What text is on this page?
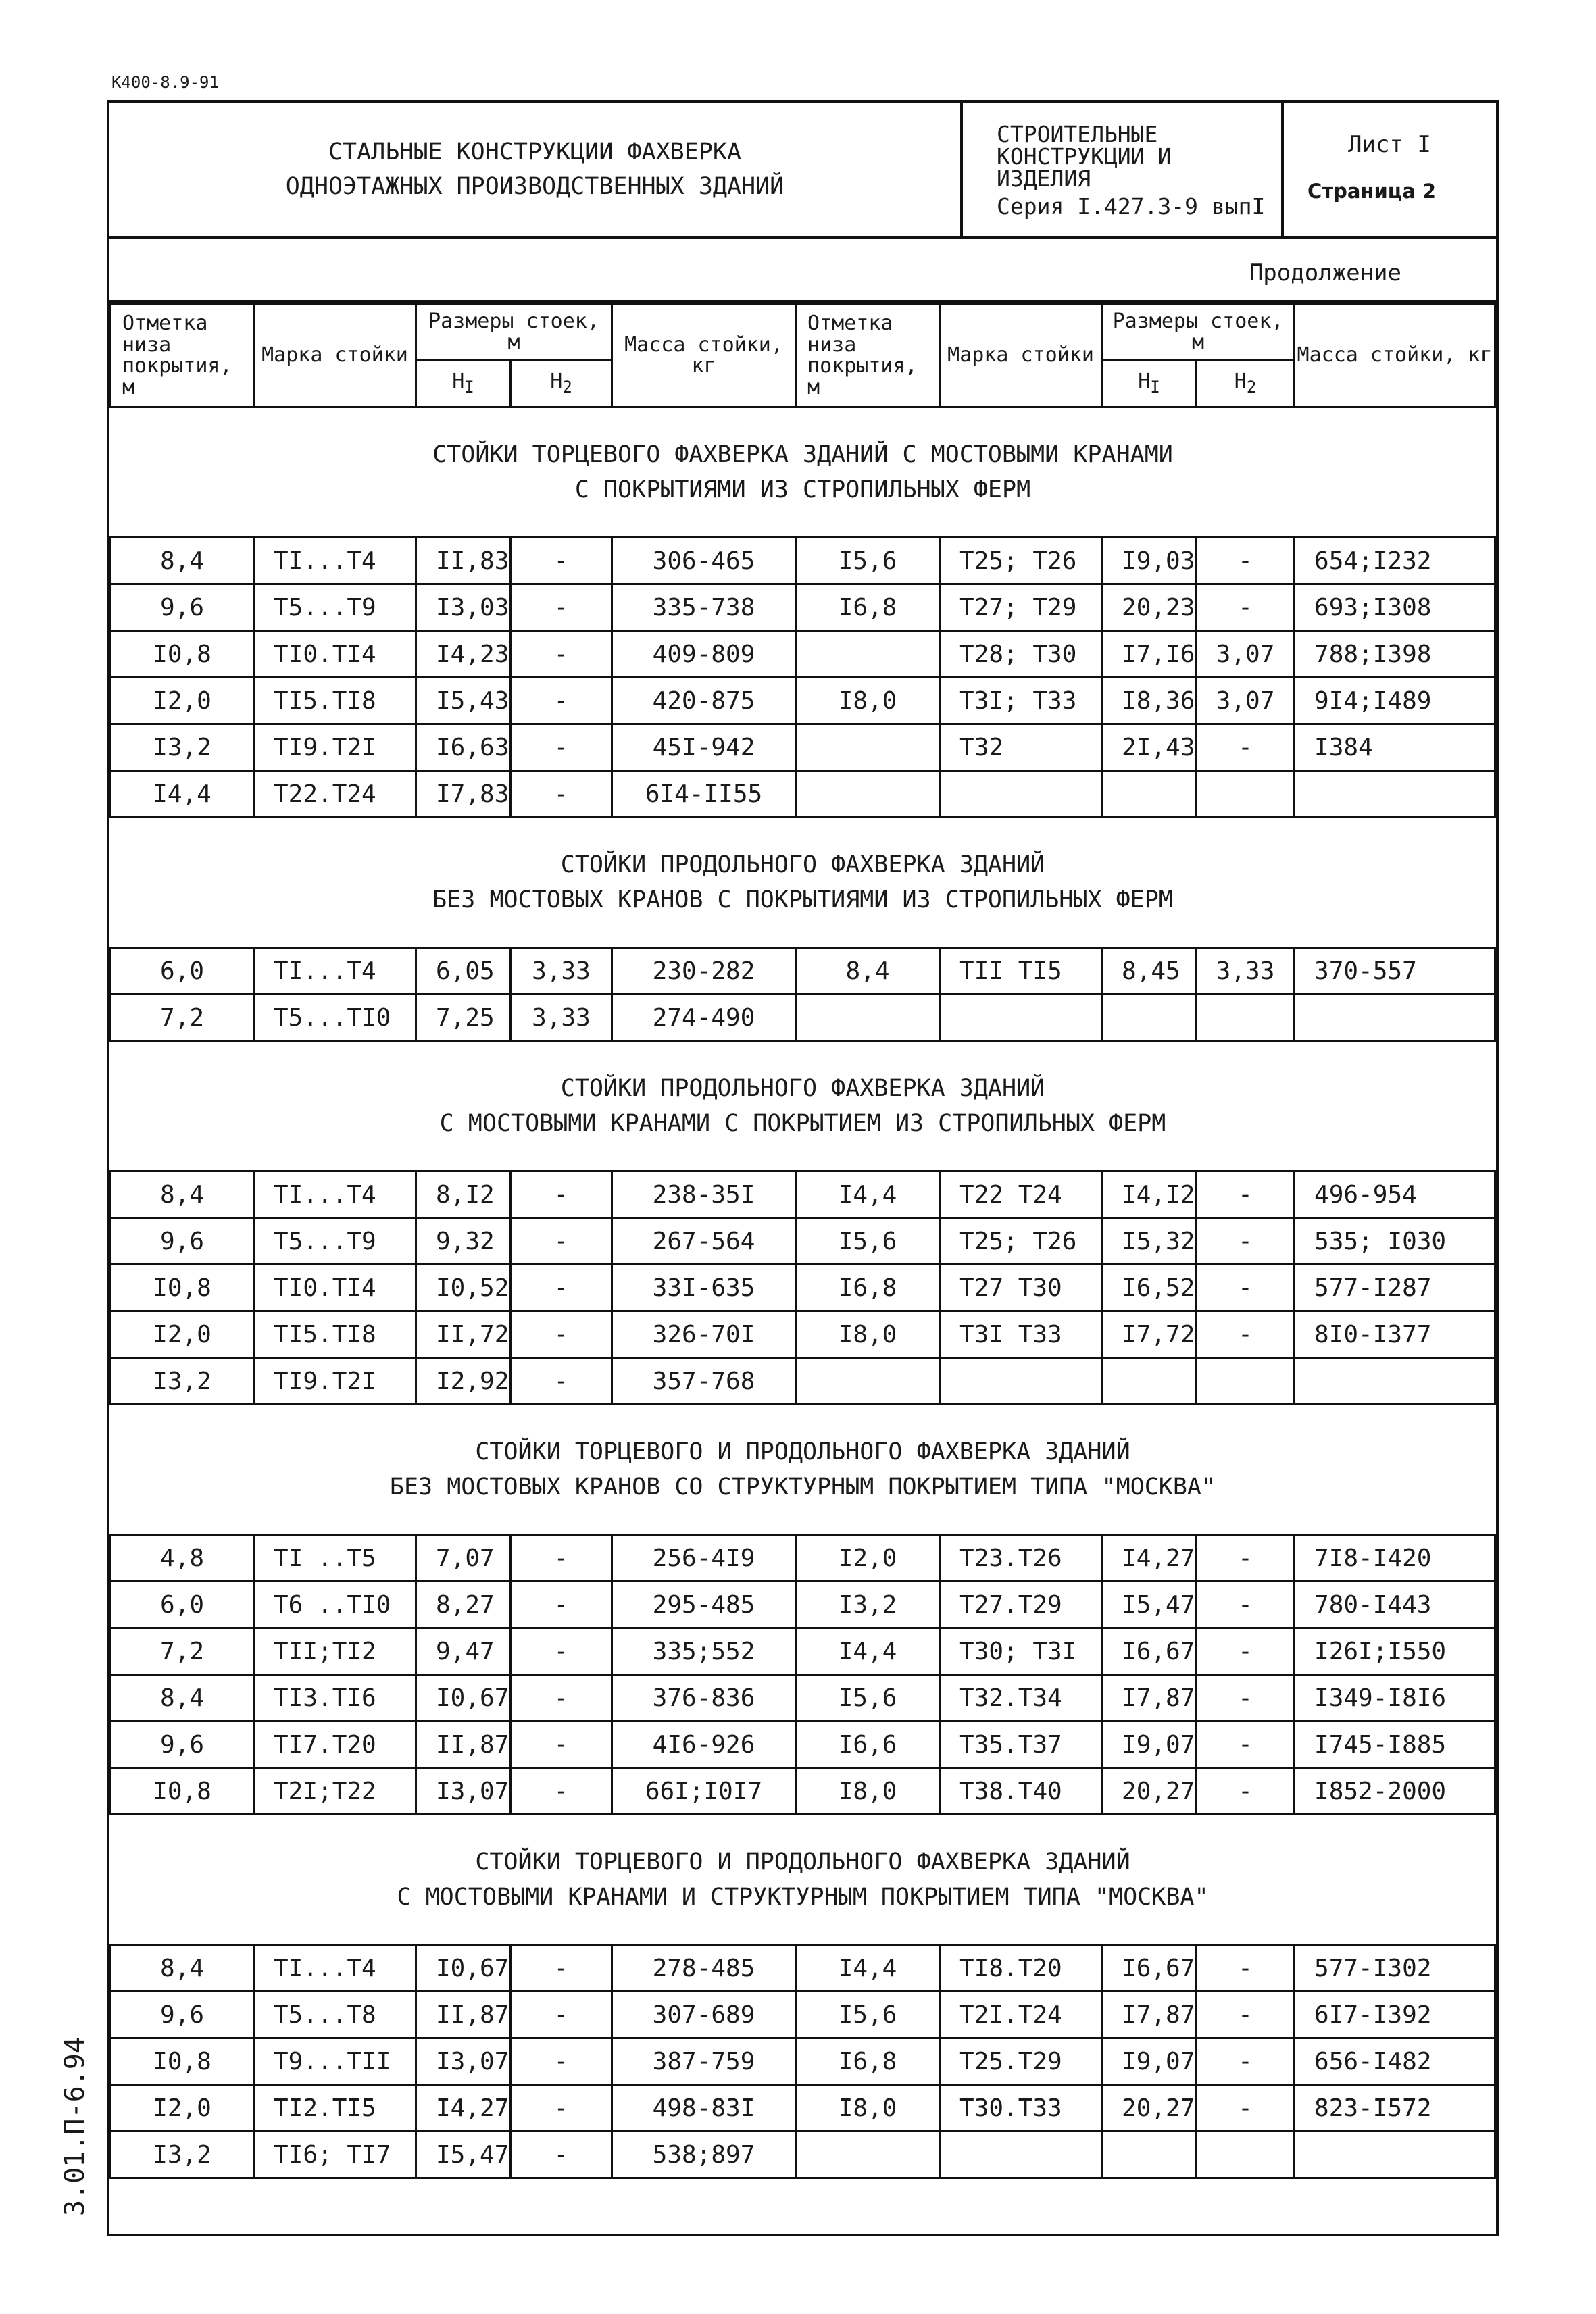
К400-8.9-91
3.01.П-6.94
СТАЛЬНЫЕ КОНСТРУКЦИИ ФАХВЕРКА
ОДНОЭТАЖНЫХ ПРОИЗВОДСТВЕННЫХ ЗДАНИЙ
СТРОИТЕЛЬНЫЕ
КОНСТРУКЦИИ И
ИЗДЕЛИЯ
Серия I.427.3-9 выпI
Лист I
Страница 2
Продолжение
Отметка низа покрытия, м	Марка стойки	Размеры стоек, м		Масса стойки, кг	Отметка низа покрытия, м	Марка стойки	Размеры стоек, м		Масса стойки, кг
		$H_I$	$H_2$				$H_I$	$H_2$

СТОЙКИ ТОРЦЕВОГО ФАХВЕРКА ЗДАНИЙ С МОСТОВЫМИ КРАНАМИ
С ПОКРЫТИЯМИ ИЗ СТРОПИЛЬНЫХ ФЕРМ									

8,4	TI...T4	II,83	-	306-465	I5,6	T25; T26	I9,03	-	654;I232
9,6	T5...T9	I3,03	-	335-738	I6,8	T27; T29	20,23	-	693;I308
I0,8	TI0.TI4	I4,23	-	409-809		T28; T30	I7,I6	3,07	788;I398
I2,0	TI5.TI8	I5,43	-	420-875	I8,0	T3I; T33	I8,36	3,07	9I4;I489
I3,2	TI9.T2I	I6,63	-	45I-942		T32	2I,43	-	I384
I4,4	T22.T24	I7,83	-	6I4-II55					

СТОЙКИ ПРОДОЛЬНОГО ФАХВЕРКА ЗДАНИЙ
БЕЗ МОСТОВЫХ КРАНОВ С ПОКРЫТИЯМИ ИЗ СТРОПИЛЬНЫХ ФЕРМ									

6,0	TI...T4	6,05	3,33	230-282	8,4	TII TI5	8,45	3,33	370-557
7,2	T5...TI0	7,25	3,33	274-490					

СТОЙКИ ПРОДОЛЬНОГО ФАХВЕРКА ЗДАНИЙ
С МОСТОВЫМИ КРАНАМИ С ПОКРЫТИЕМ ИЗ СТРОПИЛЬНЫХ ФЕРМ									

8,4	TI...T4	8,I2	-	238-35I	I4,4	T22 T24	I4,I2	-	496-954
9,6	T5...T9	9,32	-	267-564	I5,6	T25; T26	I5,32	-	535; I030
I0,8	TI0.TI4	I0,52	-	33I-635	I6,8	T27 T30	I6,52	-	577-I287
I2,0	TI5.TI8	II,72	-	326-70I	I8,0	T3I T33	I7,72	-	8I0-I377
I3,2	TI9.T2I	I2,92	-	357-768					

СТОЙКИ ТОРЦЕВОГО И ПРОДОЛЬНОГО ФАХВЕРКА ЗДАНИЙ
БЕЗ МОСТОВЫХ КРАНОВ СО СТРУКТУРНЫМ ПОКРЫТИЕМ ТИПА "МОСКВА"									

4,8	TI ..T5	7,07	-	256-4I9	I2,0	T23.T26	I4,27	-	7I8-I420
6,0	T6 ..TI0	8,27	-	295-485	I3,2	T27.T29	I5,47	-	780-I443
7,2	TII;TI2	9,47	-	335;552	I4,4	T30; T3I	I6,67	-	I26I;I550
8,4	TI3.TI6	I0,67	-	376-836	I5,6	T32.T34	I7,87	-	I349-I8I6
9,6	TI7.T20	II,87	-	4I6-926	I6,6	T35.T37	I9,07	-	I745-I885
I0,8	T2I;T22	I3,07	-	66I;I0I7	I8,0	T38.T40	20,27	-	I852-2000

СТОЙКИ ТОРЦЕВОГО И ПРОДОЛЬНОГО ФАХВЕРКА ЗДАНИЙ
С МОСТОВЫМИ КРАНАМИ И СТРУКТУРНЫМ ПОКРЫТИЕМ ТИПА "МОСКВА"									

8,4	TI...T4	I0,67	-	278-485	I4,4	TI8.T20	I6,67	-	577-I302
9,6	T5...T8	II,87	-	307-689	I5,6	T2I.T24	I7,87	-	6I7-I392
I0,8	T9...TII	I3,07	-	387-759	I6,8	T25.T29	I9,07	-	656-I482
I2,0	TI2.TI5	I4,27	-	498-83I	I8,0	T30.T33	20,27	-	823-I572
I3,2	TI6; TI7	I5,47	-	538;897					
